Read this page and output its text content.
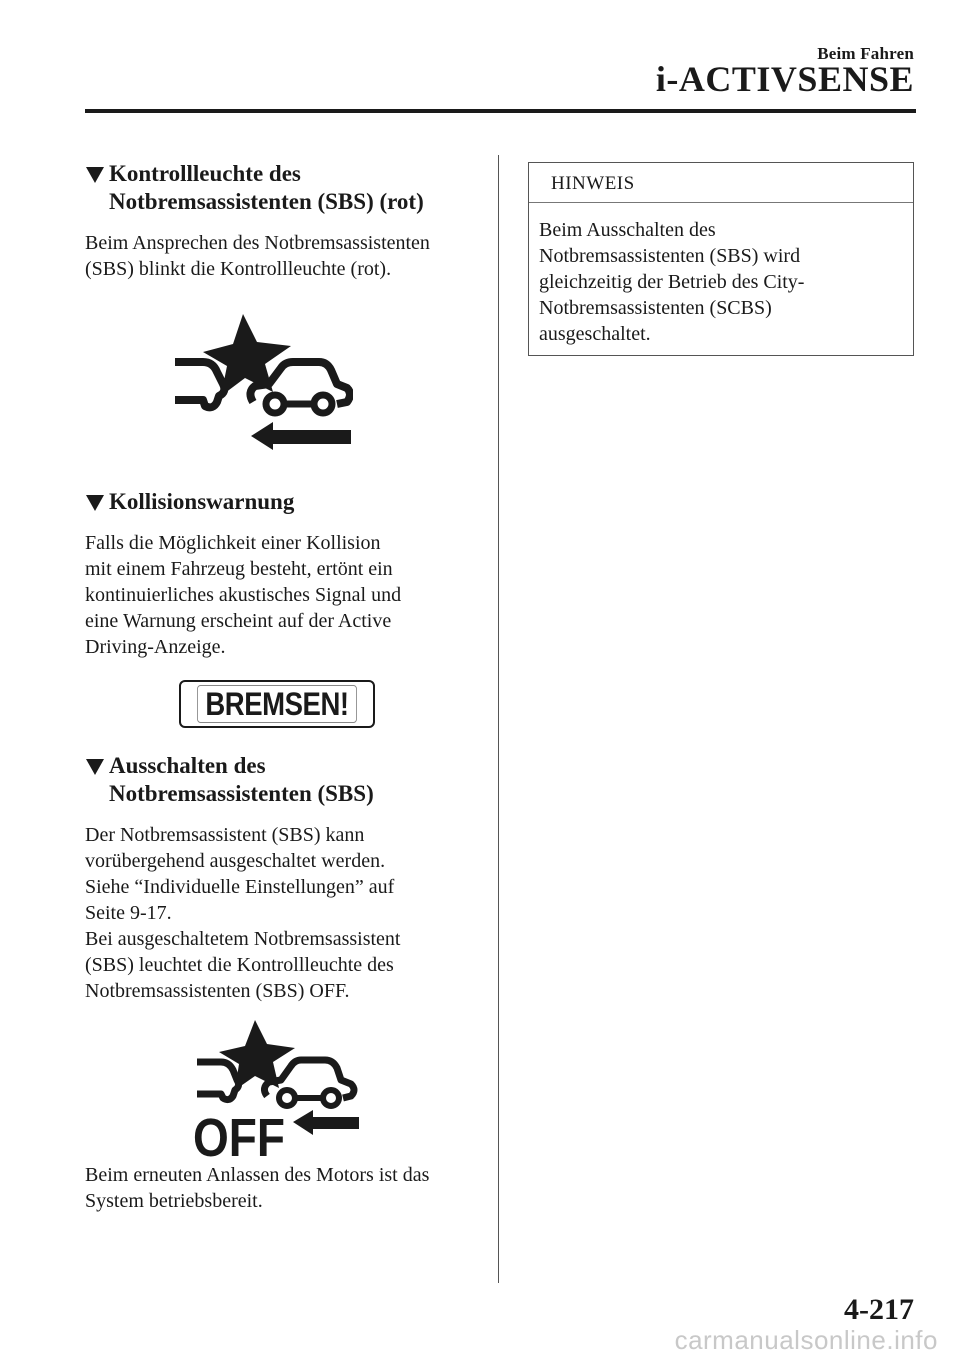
Beim Fahren
i-ACTIVSENSE
Kontrollleuchte des
Notbremsassistenten (SBS) (rot)

Beim Ansprechen des Notbremsassistenten
(SBS) blinkt die Kontrollleuchte (rot).

Kollisionswarnung

Falls die Möglichkeit einer Kollision
mit einem Fahrzeug besteht, ertönt ein
kontinuierliches akustisches Signal und
eine Warnung erscheint auf der Active
Driving-Anzeige.

BREMSEN!
Ausschalten des
Notbremsassistenten (SBS)

Der Notbremsassistent (SBS) kann
vorübergehend ausgeschaltet werden.
Siehe “Individuelle Einstellungen” auf
Seite 9-17.
Bei ausgeschaltetem Notbremsassistent
(SBS) leuchtet die Kontrollleuchte des
Notbremsassistenten (SBS) OFF.

OFF

Beim erneuten Anlassen des Motors ist das
System betriebsbereit.

HINWEIS
Beim Ausschalten des
Notbremsassistenten (SBS) wird
gleichzeitig der Betrieb des City-
Notbremsassistenten (SCBS)
ausgeschaltet.
4-217
carmanualsonline.info
